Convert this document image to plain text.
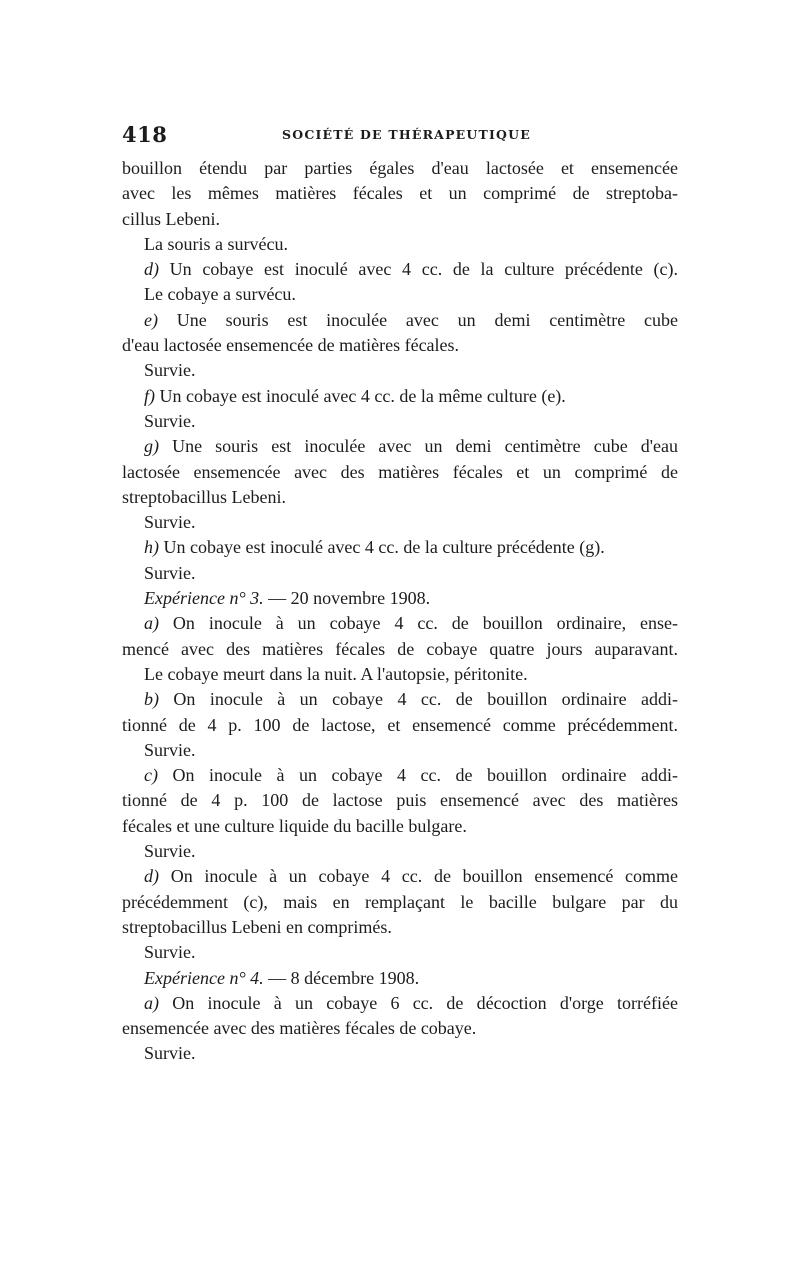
418	SOCIÉTÉ DE THÉRAPEUTIQUE
bouillon étendu par parties égales d'eau lactosée et ensemencée
avec les mêmes matières fécales et un comprimé de streptoba-
cillus Lebeni.
La souris a survécu.
d) Un cobaye est inoculé avec 4 cc. de la culture précédente (c).
Le cobaye a survécu.
e) Une souris est inoculée avec un demi centimètre cube
d'eau lactosée ensemencée de matières fécales.
Survie.
f) Un cobaye est inoculé avec 4 cc. de la même culture (e).
Survie.
g) Une souris est inoculée avec un demi centimètre cube d'eau
lactosée ensemencée avec des matières fécales et un comprimé de
streptobacillus Lebeni.
Survie.
h) Un cobaye est inoculé avec 4 cc. de la culture précédente (g).
Survie.
Expérience n° 3. — 20 novembre 1908.
a) On inocule à un cobaye 4 cc. de bouillon ordinaire, ense-
mencé avec des matières fécales de cobaye quatre jours auparavant.
Le cobaye meurt dans la nuit. A l'autopsie, péritonite.
b) On inocule à un cobaye 4 cc. de bouillon ordinaire addi-
tionné de 4 p. 100 de lactose, et ensemencé comme précédemment.
Survie.
c) On inocule à un cobaye 4 cc. de bouillon ordinaire addi-
tionné de 4 p. 100 de lactose puis ensemencé avec des matières
fécales et une culture liquide du bacille bulgare.
Survie.
d) On inocule à un cobaye 4 cc. de bouillon ensemencé comme
précédemment (c), mais en remplaçant le bacille bulgare par du
streptobacillus Lebeni en comprimés.
Survie.
Expérience n° 4. — 8 décembre 1908.
a) On inocule à un cobaye 6 cc. de décoction d'orge torréfiée
ensemencée avec des matières fécales de cobaye.
Survie.
